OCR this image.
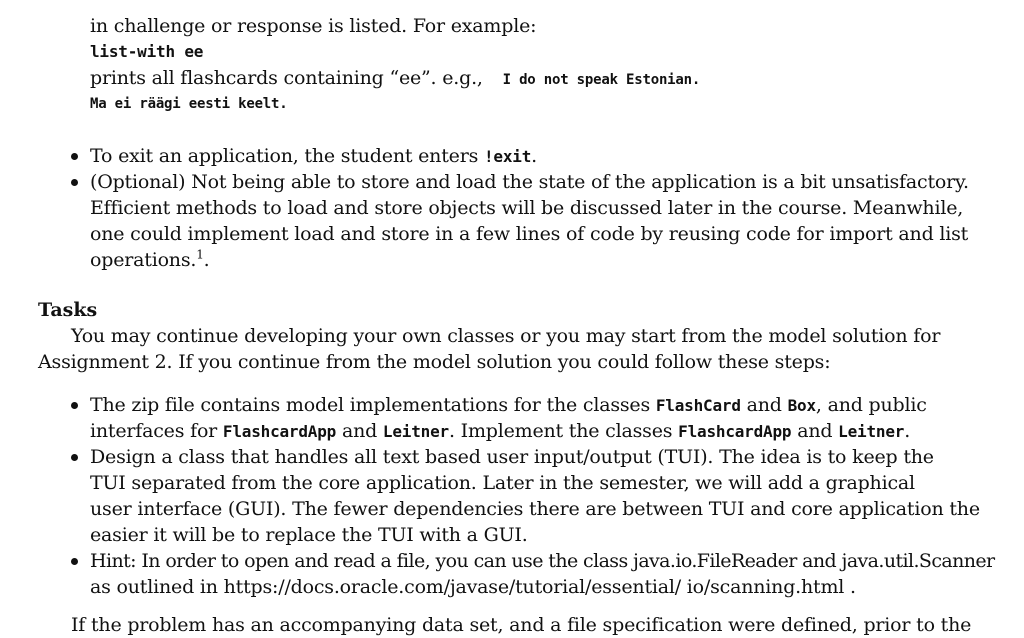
in challenge or response is listed. For example:
list-with ee
prints all flashcards containing “ee”. e.g., I do not speak Estonian.
Ma ei räägi eesti keelt.
To exit an application, the student enters !exit.
(Optional) Not being able to store and load the state of the application is a bit unsatisfactory.
Efficient methods to load and store objects will be discussed later in the course. Meanwhile,
one could implement load and store in a few lines of code by reusing code for import and list
operations.$^1$.
Tasks
You may continue developing your own classes or you may start from the model solution for
Assignment 2. If you continue from the model solution you could follow these steps:
The zip file contains model implementations for the classes FlashCard and Box, and public
interfaces for FlashcardApp and Leitner. Implement the classes FlashcardApp and Leitner.
Design a class that handles all text based user input/output (TUI). The idea is to keep the
TUI separated from the core application. Later in the semester, we will add a graphical
user interface (GUI). The fewer dependencies there are between TUI and core application the
easier it will be to replace the TUI with a GUI.
Hint: In order to open and read a file, you can use the class java.io.FileReader and java.util.Scanner
as outlined in https://docs.oracle.com/javase/tutorial/essential/ io/scanning.html .
If the problem has an accompanying data set, and a file specification were defined, prior to the
